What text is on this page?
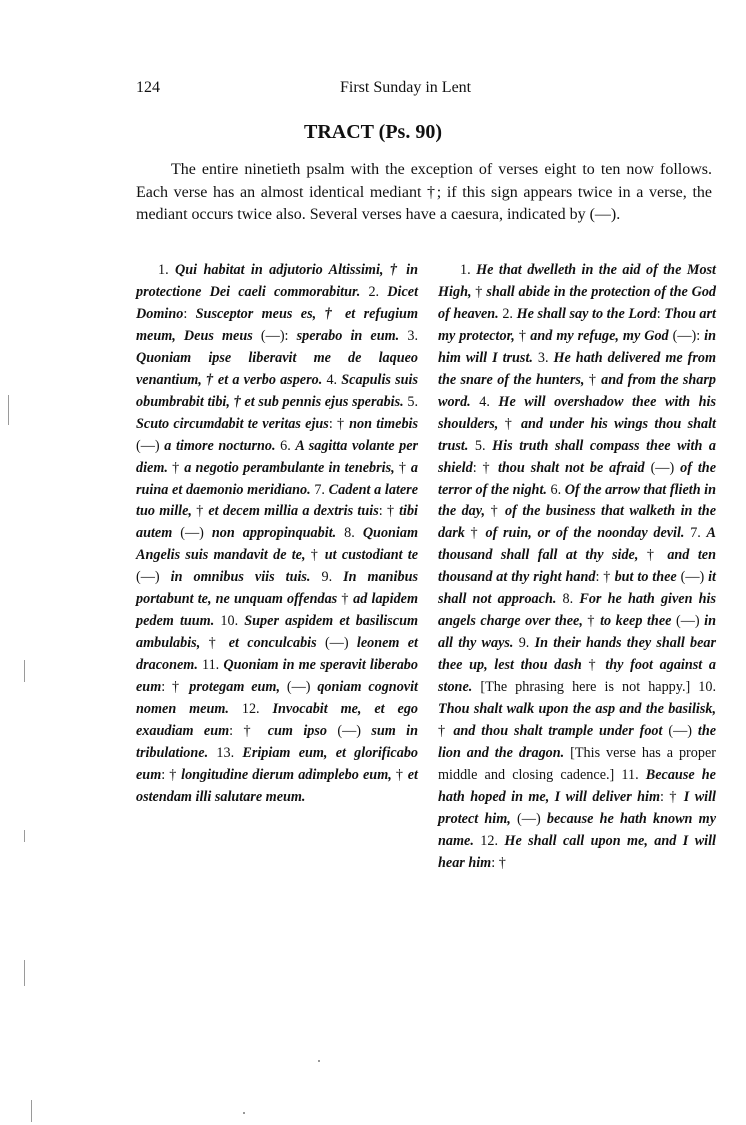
124	First Sunday in Lent
TRACT (Ps. 90)

The entire ninetieth psalm with the exception of verses eight to ten now follows. Each verse has an almost identical mediant †; if this sign appears twice in a verse, the mediant occurs twice also. Several verses have a caesura, indicated by (—).

1. Qui habitat in adjutorio Altissimi, † in protectione Dei caeli commorabitur. 2. Dicet Domino: Susceptor meus es, † et refugium meum, Deus meus (—): sperabo in eum. 3. Quoniam ipse liberavit me de laqueo venantium, † et a verbo aspero. 4. Scapulis suis obumbrabit tibi, † et sub pennis ejus sperabis. 5. Scuto circumdabit te veritas ejus: † non timebis (—) a timore nocturno. 6. A sagitta volante per diem. † a negotio perambulante in tenebris, † a ruina et daemonio meridiano. 7. Cadent a latere tuo mille, † et decem millia a dextris tuis: † tibi autem (—) non appropinquabit. 8. Quoniam Angelis suis mandavit de te, † ut custodiant te (—) in omnibus viis tuis. 9. In manibus portabunt te, ne unquam offendas † ad lapidem pedem tuum. 10. Super aspidem et basiliscum ambulabis, † et conculcabis (—) leonem et draconem. 11. Quoniam in me speravit liberabo eum: † protegam eum, (—) qoniam cognovit nomen meum. 12. Invocabit me, et ego exaudiam eum: † cum ipso (—) sum in tribulatione. 13. Eripiam eum, et glorificabo eum: † longitudine dierum adimplebo eum, † et ostendam illi salutare meum.

1. He that dwelleth in the aid of the Most High, † shall abide in the protection of the God of heaven. 2. He shall say to the Lord: Thou art my protector, † and my refuge, my God (—): in him will I trust. 3. He hath delivered me from the snare of the hunters, † and from the sharp word. 4. He will overshadow thee with his shoulders, † and under his wings thou shalt trust. 5. His truth shall compass thee with a shield: † thou shalt not be afraid (—) of the terror of the night. 6. Of the arrow that flieth in the day, † of the business that walketh in the dark † of ruin, or of the noonday devil. 7. A thousand shall fall at thy side, † and ten thousand at thy right hand: † but to thee (—) it shall not approach. 8. For he hath given his angels charge over thee, † to keep thee (—) in all thy ways. 9. In their hands they shall bear thee up, lest thou dash † thy foot against a stone. [The phrasing here is not happy.] 10. Thou shalt walk upon the asp and the basilisk, † and thou shalt trample under foot (—) the lion and the dragon. [This verse has a proper middle and closing cadence.] 11. Because he hath hoped in me, I will deliver him: † I will protect him, (—) because he hath known my name. 12. He shall call upon me, and I will hear him: †
